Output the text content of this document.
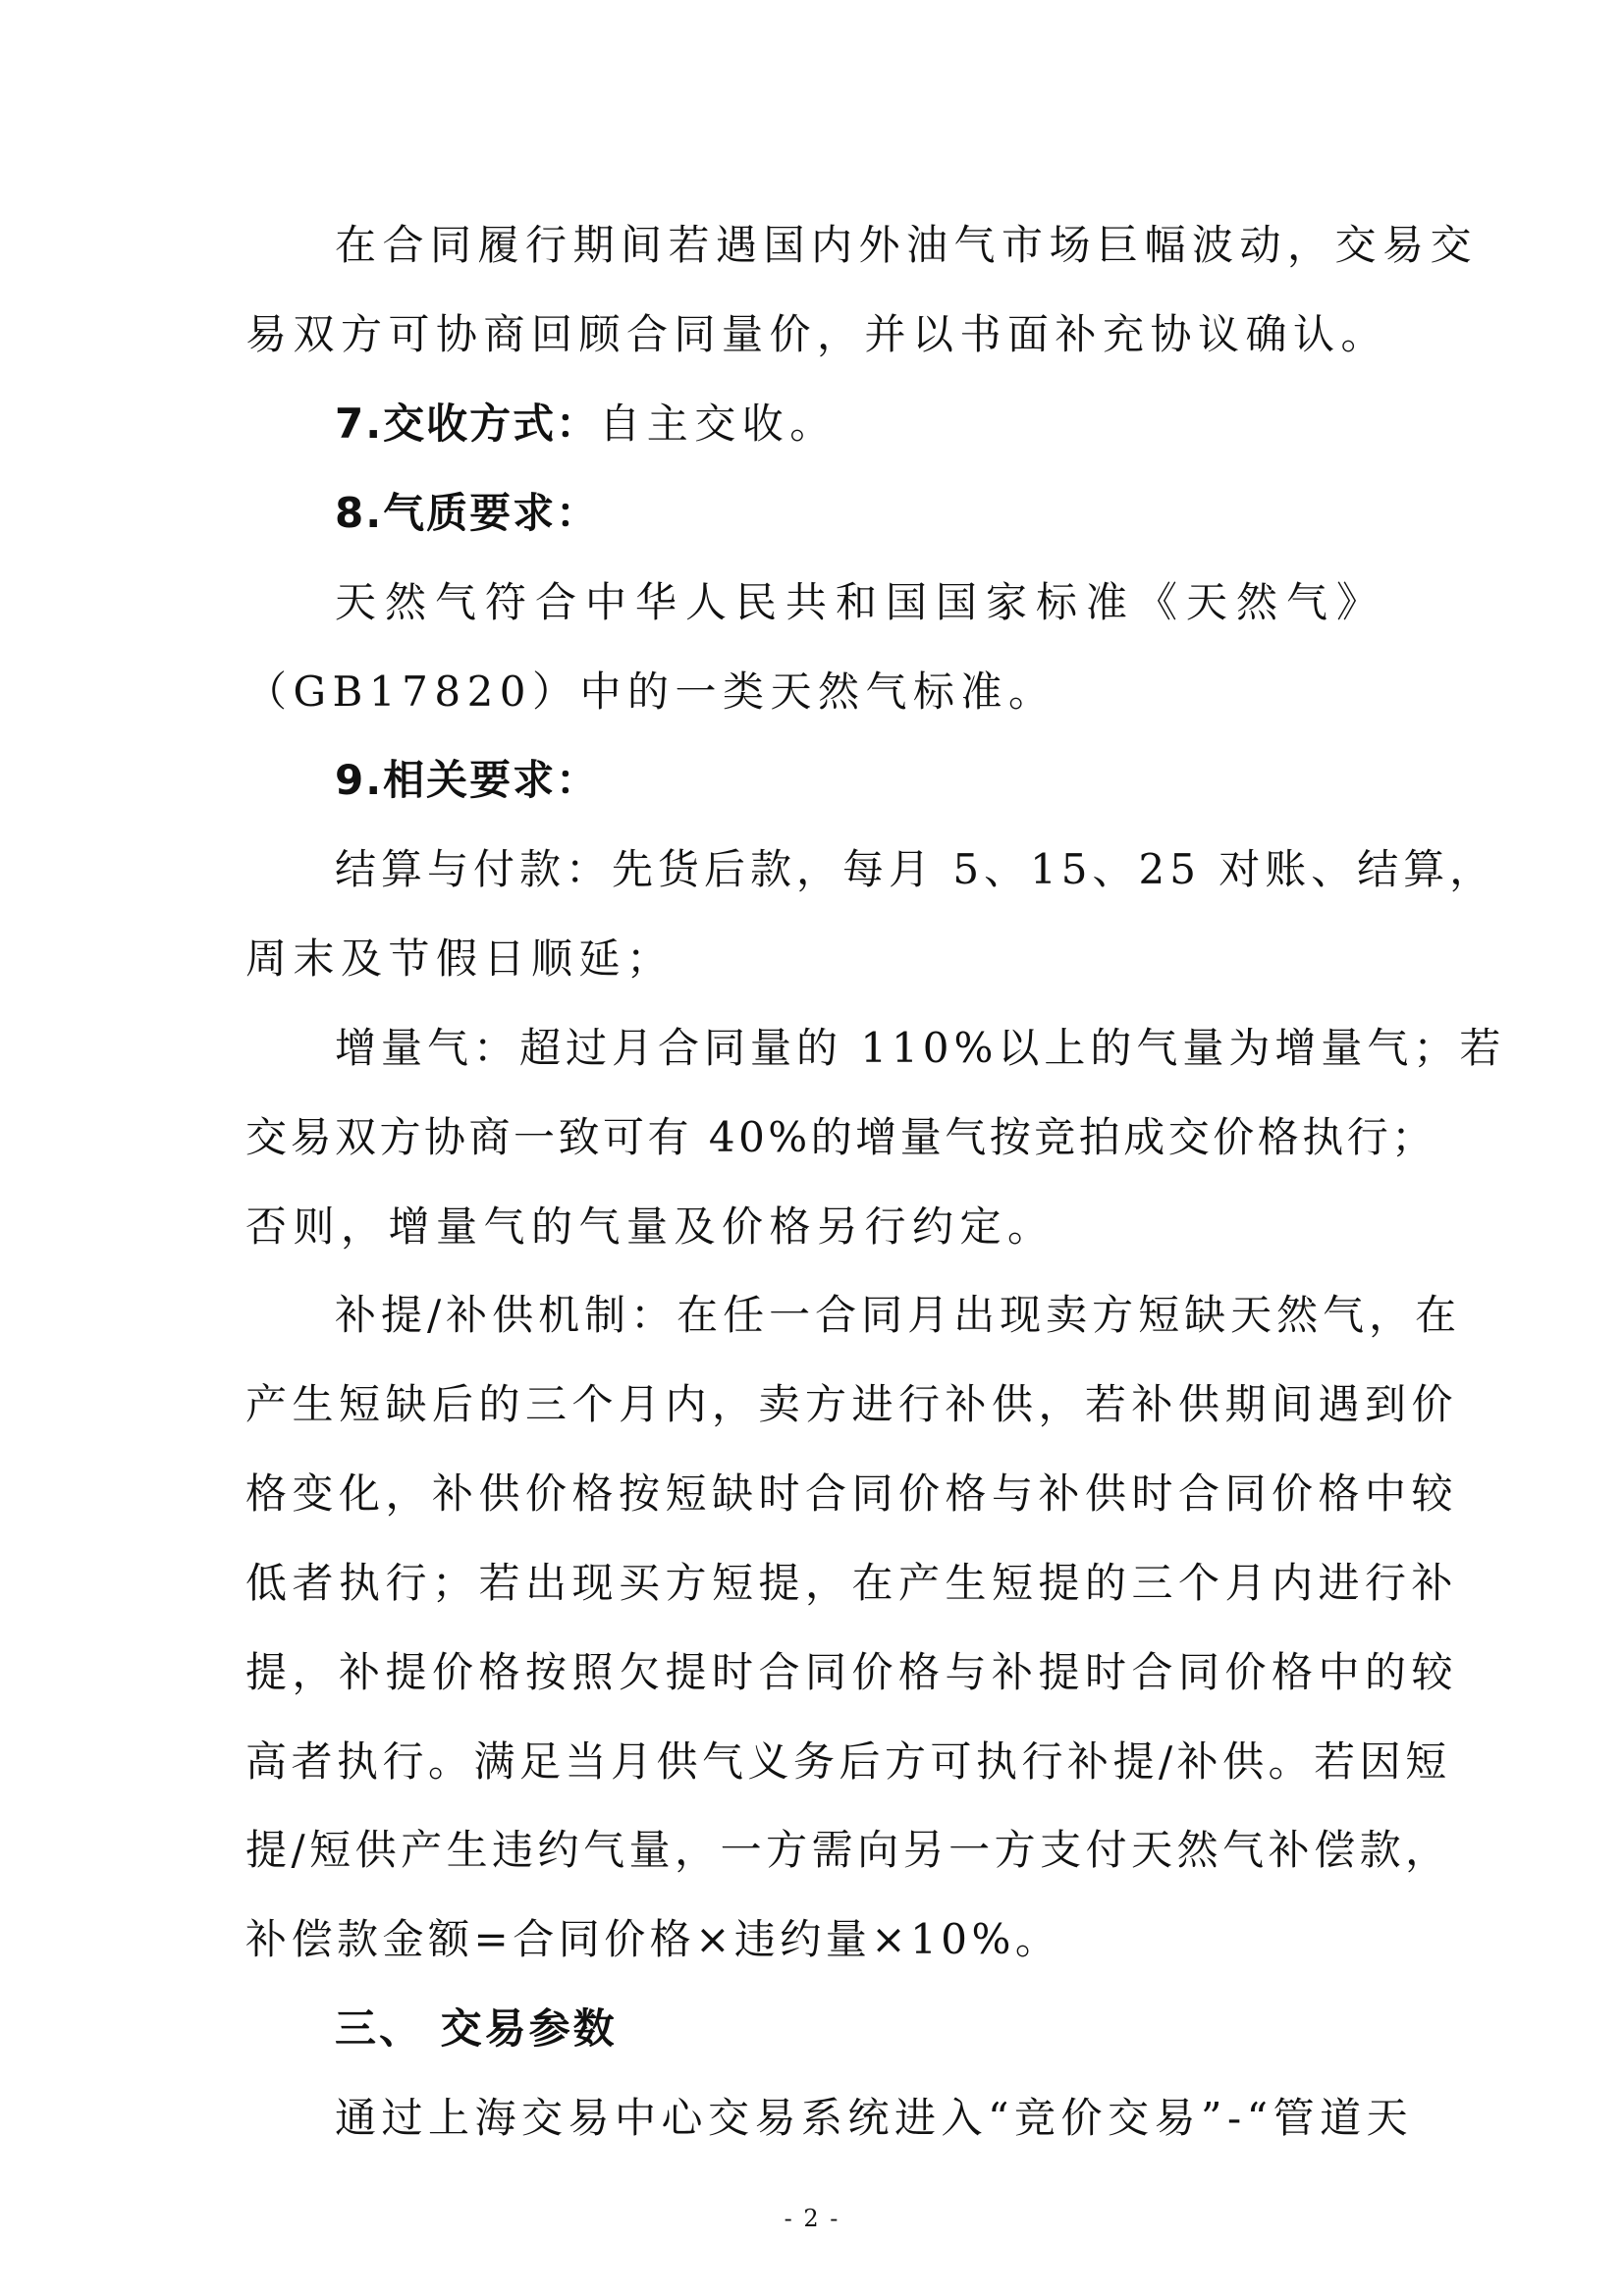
在合同履行期间若遇国内外油气市场巨幅波动，交易交
易双方可协商回顾合同量价，并以书面补充协议确认。
7.交收方式：自主交收。
8.气质要求：
天然气符合中华人民共和国国家标准《天然气》
（GB17820）中的一类天然气标准。
9.相关要求：
结算与付款：先货后款，每月 5、15、25 对账、结算，
周末及节假日顺延；
增量气：超过月合同量的 110%以上的气量为增量气；若
交易双方协商一致可有 40%的增量气按竞拍成交价格执行；
否则，增量气的气量及价格另行约定。
补提/补供机制：在任一合同月出现卖方短缺天然气，在
产生短缺后的三个月内，卖方进行补供，若补供期间遇到价
格变化，补供价格按短缺时合同价格与补供时合同价格中较
低者执行；若出现买方短提，在产生短提的三个月内进行补
提，补提价格按照欠提时合同价格与补提时合同价格中的较
高者执行。满足当月供气义务后方可执行补提/补供。若因短
提/短供产生违约气量，一方需向另一方支付天然气补偿款，
补偿款金额=合同价格×违约量×10%。
三、 交易参数
通过上海交易中心交易系统进入“竞价交易”-“管道天
- 2 -
